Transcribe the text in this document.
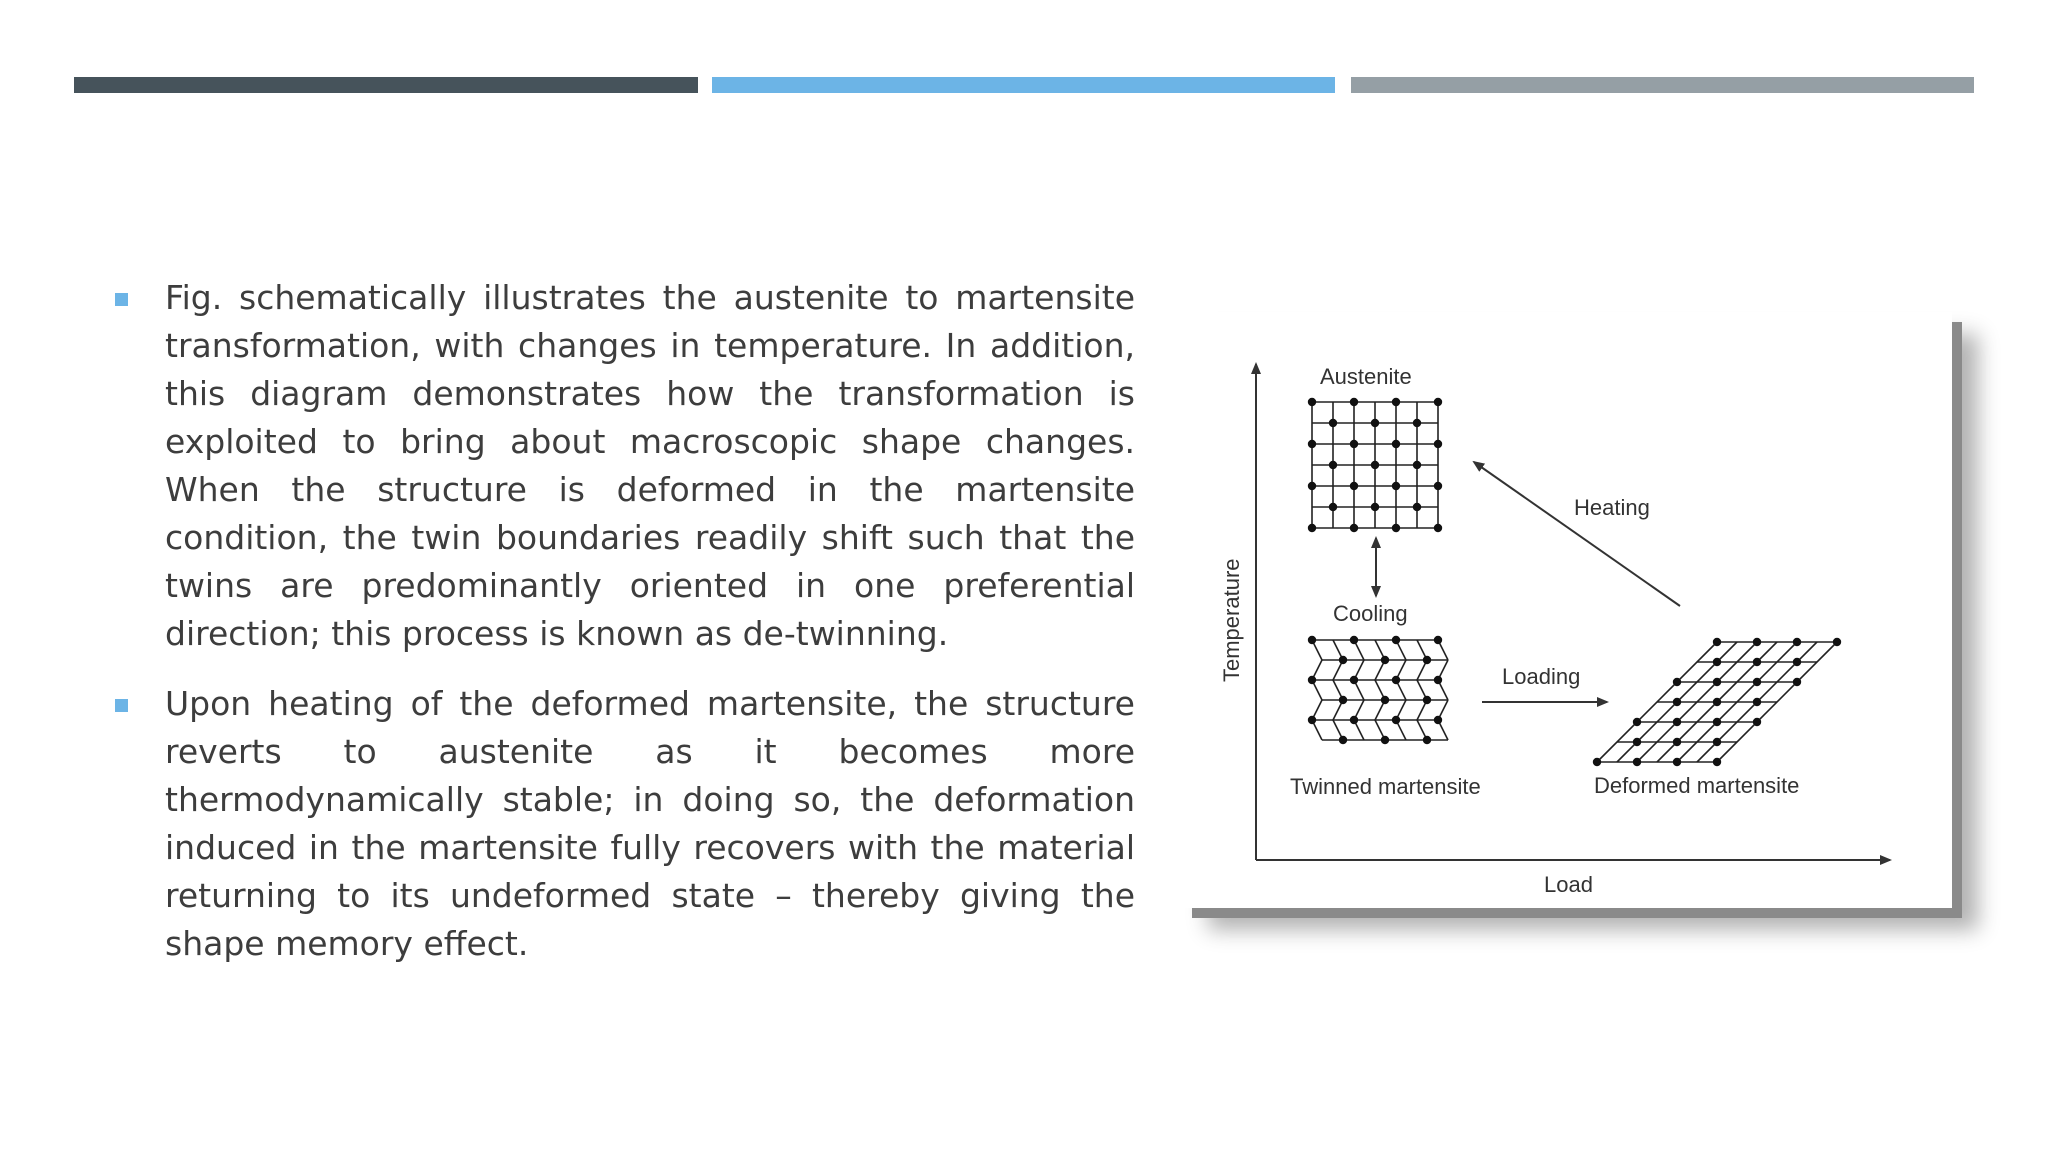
Fig. schematically illustrates the austenite to martensite transformation, with changes in temperature. In addition, this diagram demonstrates how the transformation is exploited to bring about macroscopic shape changes. When the structure is deformed in the martensite condition, the twin boundaries readily shift such that the twins are predominantly oriented in one preferential direction; this process is known as de-twinning.
Upon heating of the deformed martensite, the structure reverts to austenite as it becomes more thermodynamically stable; in doing so, the deformation induced in the martensite fully recovers with the material returning to its undeformed state – thereby giving the shape memory effect.
Austenite
Heating
Cooling
Loading
Twinned martensite	Deformed martensite
Load
Temperature
